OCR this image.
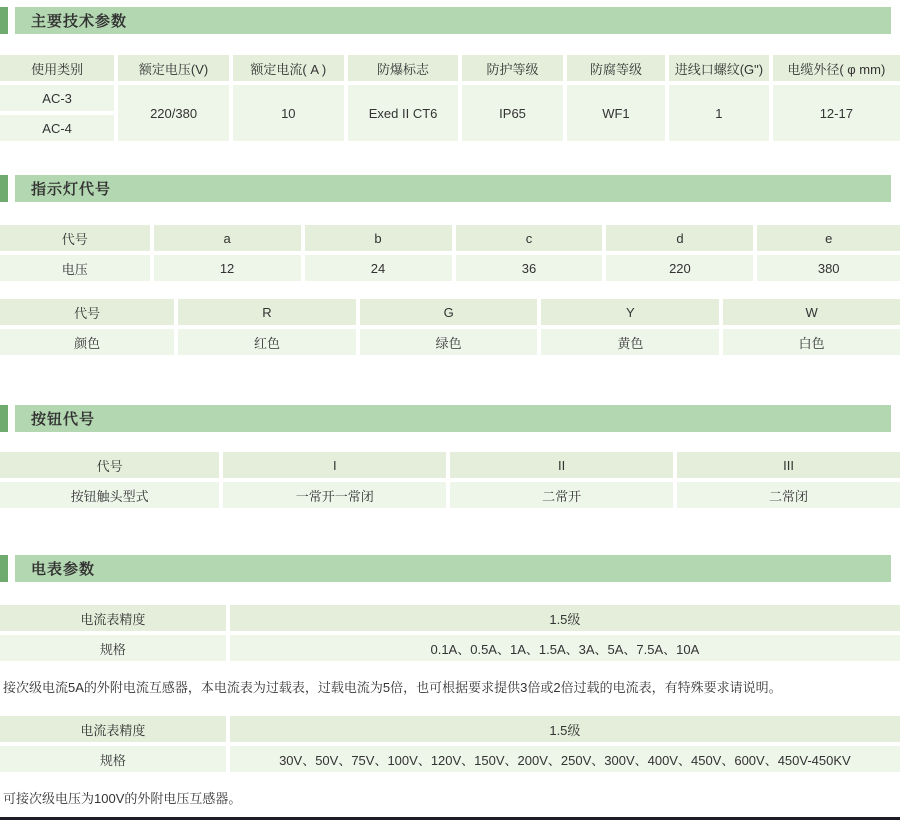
主要技术参数
使用类别	额定电压(V)	额定电流( A )	防爆标志	防护等级	防腐等级	进线口螺纹(G")	电缆外径( φ mm)
AC-3	220/380	10	Exed II CT6	IP65	WF1	1	12-17
AC-4							
指示灯代号
代号	a	b	c	d	e
电压	12	24	36	220	380
代号	R	G	Y	W
颜色	红色	绿色	黄色	白色
按钮代号
代号	I	II	III
按钮触头型式	一常开一常闭	二常开	二常闭
电表参数
电流表精度	1.5级
规格	0.1A、0.5A、1A、1.5A、3A、5A、7.5A、10A

接次级电流5A的外附电流互感器，本电流表为过载表，过载电流为5倍，也可根据要求提供3倍或2倍过载的电流表，有特殊要求请说明。

电流表精度	1.5级
规格	30V、50V、75V、100V、120V、150V、200V、250V、300V、400V、450V、600V、450V-450KV

可接次级电压为100V的外附电压互感器。
